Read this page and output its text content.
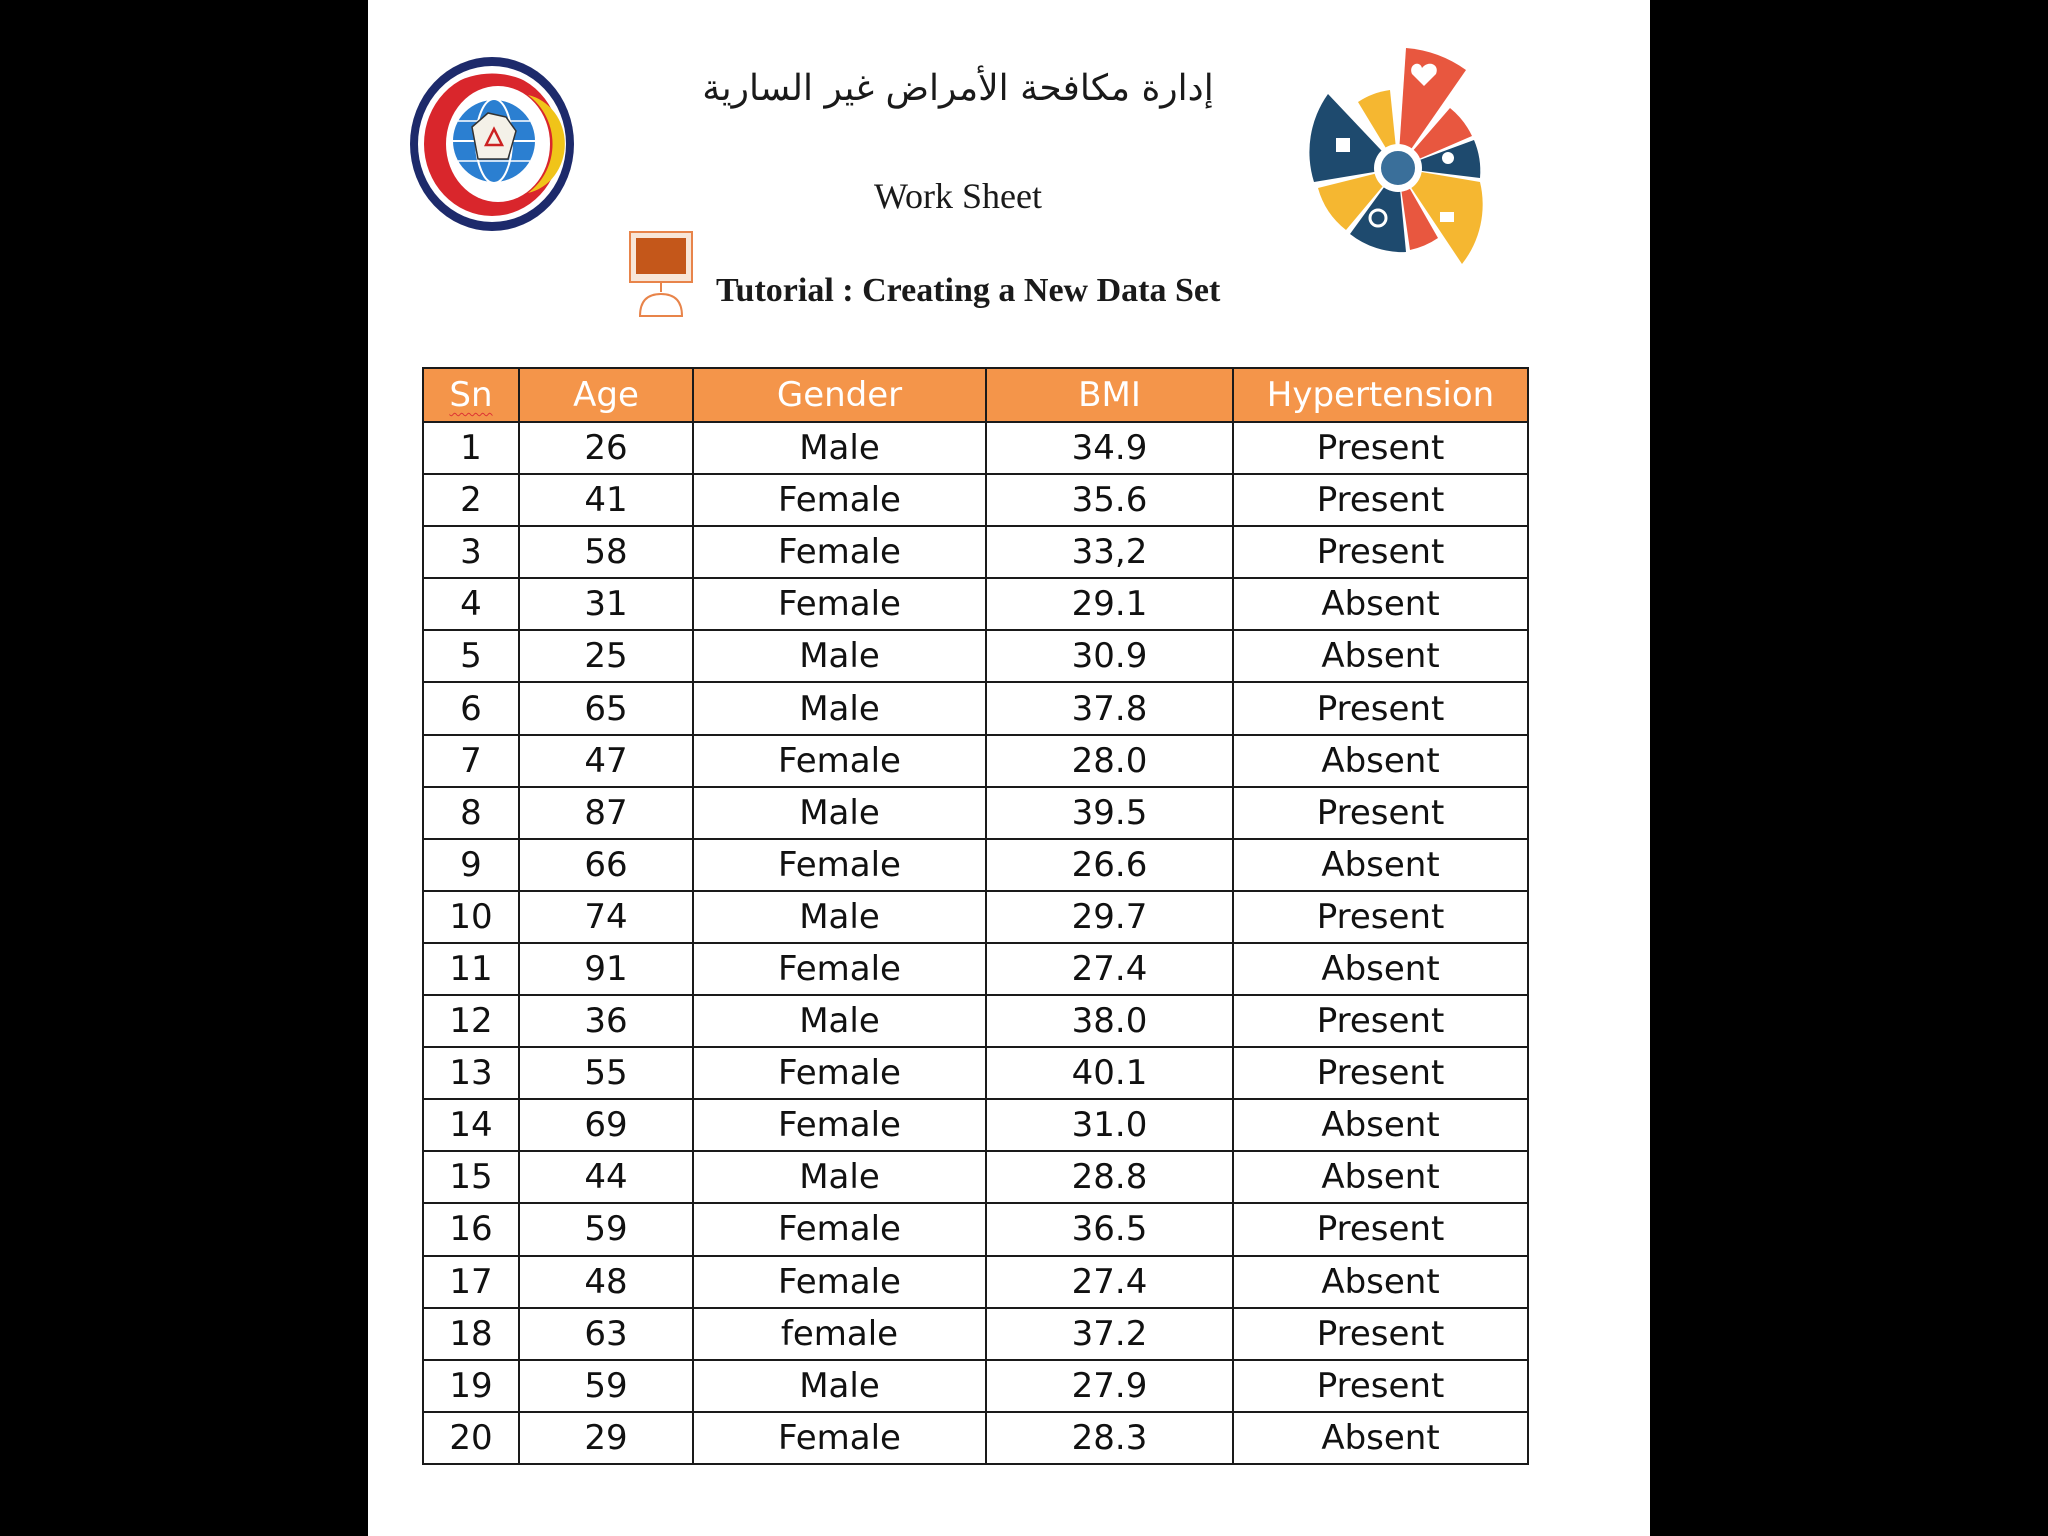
إدارة مكافحة الأمراض غير السارية
Work Sheet
Tutorial : Creating a New Data Set
Sn	Age	Gender	BMI	Hypertension
1	26	Male	34.9	Present
2	41	Female	35.6	Present
3	58	Female	33,2	Present
4	31	Female	29.1	Absent
5	25	Male	30.9	Absent
6	65	Male	37.8	Present
7	47	Female	28.0	Absent
8	87	Male	39.5	Present
9	66	Female	26.6	Absent
10	74	Male	29.7	Present
11	91	Female	27.4	Absent
12	36	Male	38.0	Present
13	55	Female	40.1	Present
14	69	Female	31.0	Absent
15	44	Male	28.8	Absent
16	59	Female	36.5	Present
17	48	Female	27.4	Absent
18	63	female	37.2	Present
19	59	Male	27.9	Present
20	29	Female	28.3	Absent
